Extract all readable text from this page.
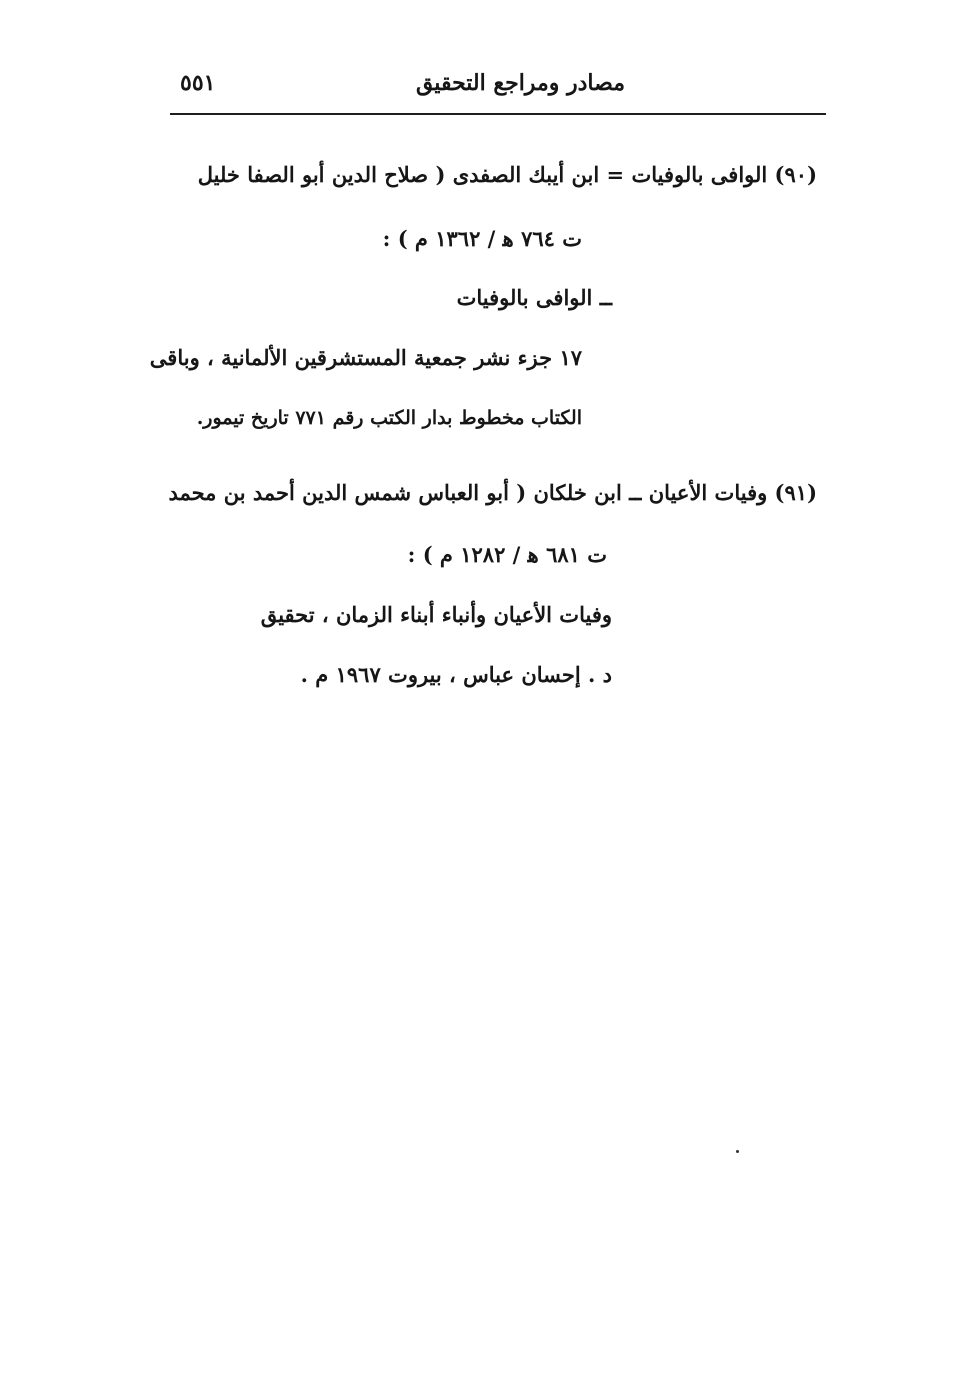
مصادر ومراجع التحقيق
٥٥١
(٩٠) الوافى بالوفيات = ابن أيبك الصفدى ( صلاح الدين أبو الصفا خليل
ت ٧٦٤ ﻫ / ١٣٦٢ م ) :
ــ الوافى بالوفيات
١٧ جزء نشر جمعية المستشرقين الألمانية ، وباقى
الكتاب مخطوط بدار الكتب رقم ٧٧١ تاريخ تيمور.
(٩١) وفيات الأعيان ــ ابن خلكان ( أبو العباس شمس الدين أحمد بن محمد
ت ٦٨١ ﻫ / ١٢٨٢ م ) :
وفيات الأعيان وأنباء أبناء الزمان ، تحقيق
د . إحسان عباس ، بيروت ١٩٦٧ م .
